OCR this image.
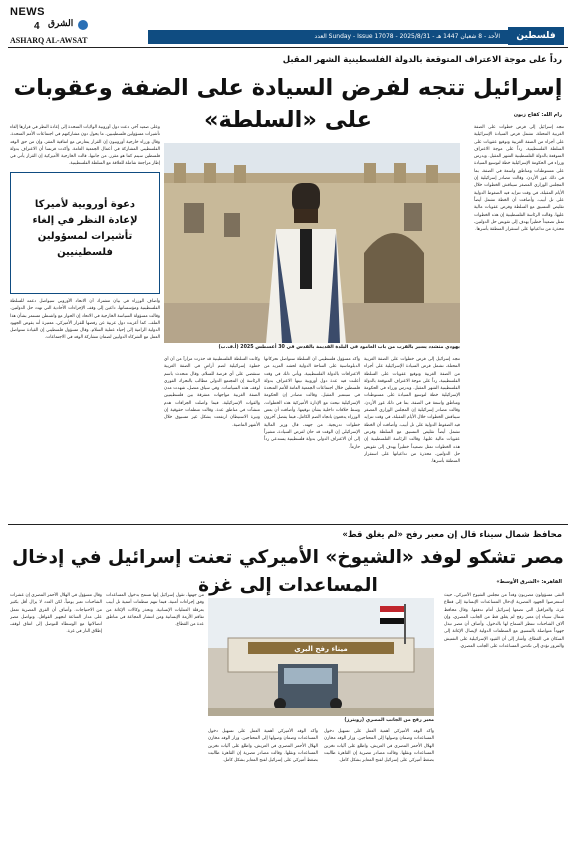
NEWS
4 الشرق
ASHARQ AL-AWSAT	الأحد - 8 شعبان 1447 هـ - 2025/8/31 - Sunday - Issue 17078 العدد	فلسطين
رداً على موجة الاعتراف المتوقعة بالدولة الفلسطينية الشهر المقبل
إسرائيل تتجه لفرض السيادة على الضفة وعقوبات على «السلطة»	رام الله: كفاح زبون

تتجه إسرائيل إلى فرض خطوات على الضفة الغربية المحتلة، تشمل فرض السيادة الإسرائيلية على أجزاء من الضفة الغربية وتوقيع عقوبات على السلطة الفلسطينية، رداً على موجة الاعتراف المتوقعة بالدولة الفلسطينية الشهر المقبل. ويدرس وزراء في الحكومة الإسرائيلية خطة لتوسيع السيادة على مستوطنات ومناطق واسعة في الضفة، بما في ذلك غور الأردن. وقالت مصادر إسرائيلية إن المجلس الوزاري المصغر سيناقش الخطوات خلال الأيام المقبلة، في وقت تتزايد فيه الضغوط الدولية على تل أبيب. وأضافت أن الخطة تشمل أيضاً تقليص التنسيق مع السلطة وفرض عقوبات مالية عليها. وقالت الرئاسة الفلسطينية إن هذه الخطوات تمثل تصعيداً خطيراً يهدف إلى تقويض حل الدولتين، محذرة من تداعياتها على استقرار المنطقة بأسرها.

يهودي متشدد يسير بالقرب من باب العامود في البلدة القديمة بالقدس في 30 أغسطس 2025 (أ.ف.ب)

وعلى صعيد آخر، دعت دول أوروبية الولايات المتحدة إلى إعادة النظر في قرارها إلغاء تأشيرات مسؤولين فلسطينيين، ما يحول دون مشاركتهم في اجتماعات الأمم المتحدة. وقال وزراء خارجية أوروبيون إن القرار يتعارض مع اتفاقية المقر، وإن من حق الوفد الفلسطيني المشاركة في أعمال الجمعية العامة. وأكدت فرنسا أن الاعتراف بدولة فلسطين سيتم كما هو مقرر. من جانبها، قالت الخارجية الأميركية إن القرار يأتي في إطار مراجعة شاملة للعلاقة مع السلطة الفلسطينية.

دعوة أوروبية لأميركا لإعادة النظر في إلغاء تأشيرات لمسؤولين فلسطينيين

وأضاف الوزراء في بيان مشترك أن الاتحاد الأوروبي سيواصل دعمه للسلطة الفلسطينية ومؤسساتها، داعين إلى وقف الإجراءات الأحادية التي تهدد حل الدولتين. وقالت مسؤولة السياسة الخارجية في الاتحاد إن الحوار مع واشنطن مستمر بشأن هذا الملف. كما أعربت دول عربية عن رفضها للقرار الأميركي، معتبرة أنه يقوض الجهود الدولية الرامية إلى إحياء عملية السلام. وقال مسؤول فلسطيني إن القيادة ستواصل العمل مع الشركاء الدوليين لضمان مشاركة الوفد في الاجتماعات.

وكانت السلطة الفلسطينية قد حذرت مراراً من أن أي خطوة إسرائيلية لضم أراضٍ في الضفة الغربية ستقضي على أي فرصة للسلام. وقال متحدث باسم الرئاسة إن المجتمع الدولي مطالب بالتحرك الفوري لوقف هذه السياسات. وفي سياق متصل، شهدت مدن الضفة الغربية مواجهات متفرقة بين فلسطينيين والقوات الإسرائيلية، فيما واصلت الجرافات هدم منشآت في مناطق عدة. وقالت منظمات حقوقية إن وتيرة الاستيطان ارتفعت بشكل غير مسبوق خلال الأشهر الماضية.

وأكد مسؤول فلسطيني أن السلطة ستواصل تحركاتها الدبلوماسية على الساحة الدولية لحشد المزيد من الاعترافات بالدولة الفلسطينية. ويأتي ذلك في وقت أعلنت فيه عدة دول أوروبية نيتها الاعتراف بدولة فلسطين خلال اجتماعات الجمعية العامة للأمم المتحدة في سبتمبر المقبل. وقالت مصادر إن الحكومة الإسرائيلية تبحث مع الإدارة الأميركية هذه الخطوات، وسط خلافات داخلية بشأن توقيتها. وأضافت أن بعض الوزراء يدفعون باتجاه الضم الكامل، فيما يفضل آخرون خطوات تدريجية. من جهته، قال وزير المالية الإسرائيلي إن الوقت قد حان لفرض السيادة، مشيراً إلى أن الاعتراف الدولي بدولة فلسطينية يستدعي رداً حازماً.

تتجه إسرائيل إلى فرض خطوات على الضفة الغربية المحتلة، تشمل فرض السيادة الإسرائيلية على أجزاء من الضفة الغربية وتوقيع عقوبات على السلطة الفلسطينية، رداً على موجة الاعتراف المتوقعة بالدولة الفلسطينية الشهر المقبل. ويدرس وزراء في الحكومة الإسرائيلية خطة لتوسيع السيادة على مستوطنات ومناطق واسعة في الضفة، بما في ذلك غور الأردن. وقالت مصادر إسرائيلية إن المجلس الوزاري المصغر سيناقش الخطوات خلال الأيام المقبلة، في وقت تتزايد فيه الضغوط الدولية على تل أبيب. وأضافت أن الخطة تشمل أيضاً تقليص التنسيق مع السلطة وفرض عقوبات مالية عليها. وقالت الرئاسة الفلسطينية إن هذه الخطوات تمثل تصعيداً خطيراً يهدف إلى تقويض حل الدولتين، محذرة من تداعياتها على استقرار المنطقة بأسرها.

محافظ شمال سيناء قال إن معبر رفح «لم يغلق قط»
مصر تشكو لوفد «الشيوخ» الأميركي تعنت إسرائيل في إدخال المساعدات إلى غزة	القاهرة: «الشرق الأوسط»

التقى مسؤولون مصريون وفداً من مجلس الشيوخ الأميركي، حيث استعرضوا الجهود المصرية لإدخال المساعدات الإنسانية إلى قطاع غزة، والعراقيل التي تضعها إسرائيل أمام تدفقها. وقال محافظ شمال سيناء إن معبر رفح لم يغلق قط من الجانب المصري، وإن آلاف الشاحنات تنتظر السماح لها بالدخول. وأضاف أن مصر تبذل جهوداً متواصلة بالتنسيق مع المنظمات الدولية لإيصال الإغاثة إلى السكان في القطاع. وأشار إلى أن القيود الإسرائيلية على التفتيش والمرور تؤدي إلى تكدس المساعدات على الجانب المصري.

ميناء رفح البري
معبر رفح من الجانب المصري (رويترز)

وقال مسؤول في الهلال الأحمر المصري إن عشرات الشاحنات تعبر يومياً، لكن العدد لا يزال أقل بكثير من الاحتياجات. وأضاف أن الفرق المصرية تعمل على مدار الساعة لتجهيز القوافل. وتواصل مصر اتصالاتها مع الوسطاء للتوصل إلى اتفاق لوقف إطلاق النار في غزة.

من جهتها، تقول إسرائيل إنها تسمح بدخول المساعدات وفق إجراءات أمنية، فيما تتهم منظمات أممية تل أبيب بعرقلة العمليات الإنسانية. وتحذر وكالات الإغاثة من تفاقم الأزمة الإنسانية ومن انتشار المجاعة في مناطق عدة من القطاع.

وأكد الوفد الأميركي أهمية العمل على تسهيل دخول المساعدات وضمان وصولها إلى المحتاجين. وزار الوفد مخازن الهلال الأحمر المصري في العريش، واطلع على آليات تخزين المساعدات ونقلها. وقالت مصادر مصرية إن القاهرة طالبت بضغط أميركي على إسرائيل لفتح المعابر بشكل كامل.

وأكد الوفد الأميركي أهمية العمل على تسهيل دخول المساعدات وضمان وصولها إلى المحتاجين. وزار الوفد مخازن الهلال الأحمر المصري في العريش، واطلع على آليات تخزين المساعدات ونقلها. وقالت مصادر مصرية إن القاهرة طالبت بضغط أميركي على إسرائيل لفتح المعابر بشكل كامل.
